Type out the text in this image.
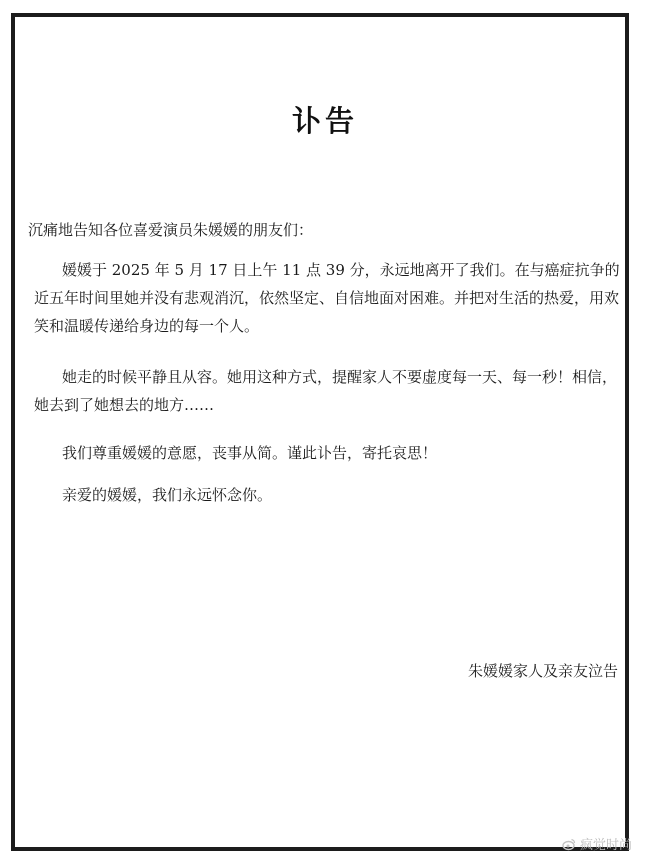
讣告
沉痛地告知各位喜爱演员朱媛媛的朋友们：
媛媛于 2025 年 5 月 17 日上午 11 点 39 分，永远地离开了我们。在与癌症抗争的近五年时间里她并没有悲观消沉，依然坚定、自信地面对困难。并把对生活的热爱，用欢笑和温暖传递给身边的每一个人。
她走的时候平静且从容。她用这种方式，提醒家人不要虚度每一天、每一秒！相信，她去到了她想去的地方……
我们尊重媛媛的意愿，丧事从简。谨此讣告，寄托哀思！
亲爱的媛媛，我们永远怀念你。
朱媛媛家人及亲友泣告
疯觉时尚
